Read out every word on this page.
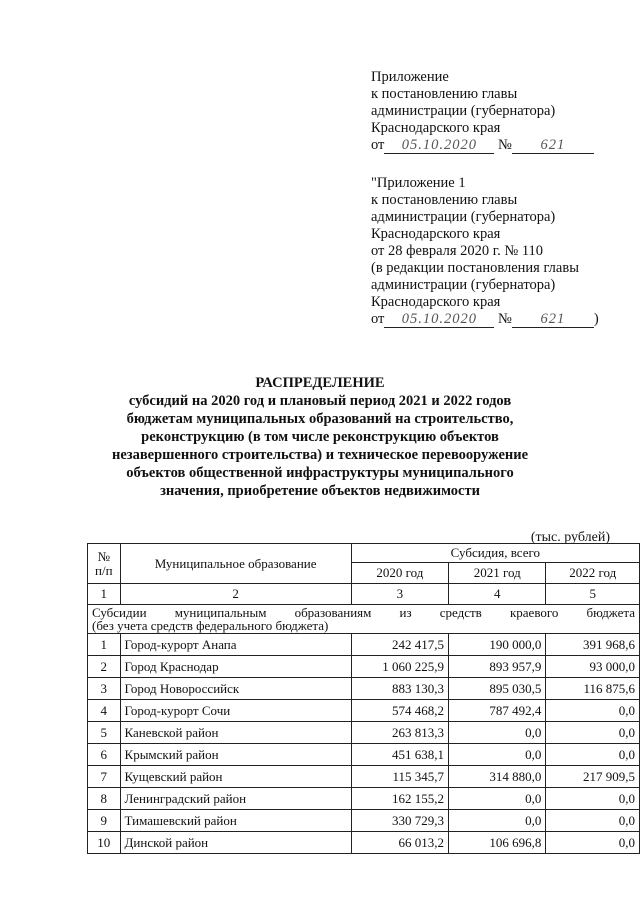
Приложение
к постановлению главы
администрации (губернатора)
Краснодарского края
от 05.10.2020 № 621
"Приложение 1
к постановлению главы
администрации (губернатора)
Краснодарского края
от 28 февраля 2020 г. № 110
(в редакции постановления главы
администрации (губернатора)
Краснодарского края
от 05.10.2020 № 621 )
РАСПРЕДЕЛЕНИЕ
субсидий на 2020 год и плановый период 2021 и 2022 годов
бюджетам муниципальных образований на строительство,
реконструкцию (в том числе реконструкцию объектов
незавершенного строительства) и техническое перевооружение
объектов общественной инфраструктуры муниципального
значения, приобретение объектов недвижимости
(тыс. рублей)
№
п/п	Муниципальное образование	Субсидия, всего		
		2020 год	2021 год	2022 год
1	2	3	4	5

Субсидии муниципальным образованиям из средств краевого бюджета
(без учета средств федерального бюджета)				
1	Город-курорт Анапа	242 417,5	190 000,0	391 968,6
2	Город Краснодар	1 060 225,9	893 957,9	93 000,0
3	Город Новороссийск	883 130,3	895 030,5	116 875,6
4	Город-курорт Сочи	574 468,2	787 492,4	0,0
5	Каневской район	263 813,3	0,0	0,0
6	Крымский район	451 638,1	0,0	0,0
7	Кущевский район	115 345,7	314 880,0	217 909,5
8	Ленинградский район	162 155,2	0,0	0,0
9	Тимашевский район	330 729,3	0,0	0,0
10	Динской район	66 013,2	106 696,8	0,0
